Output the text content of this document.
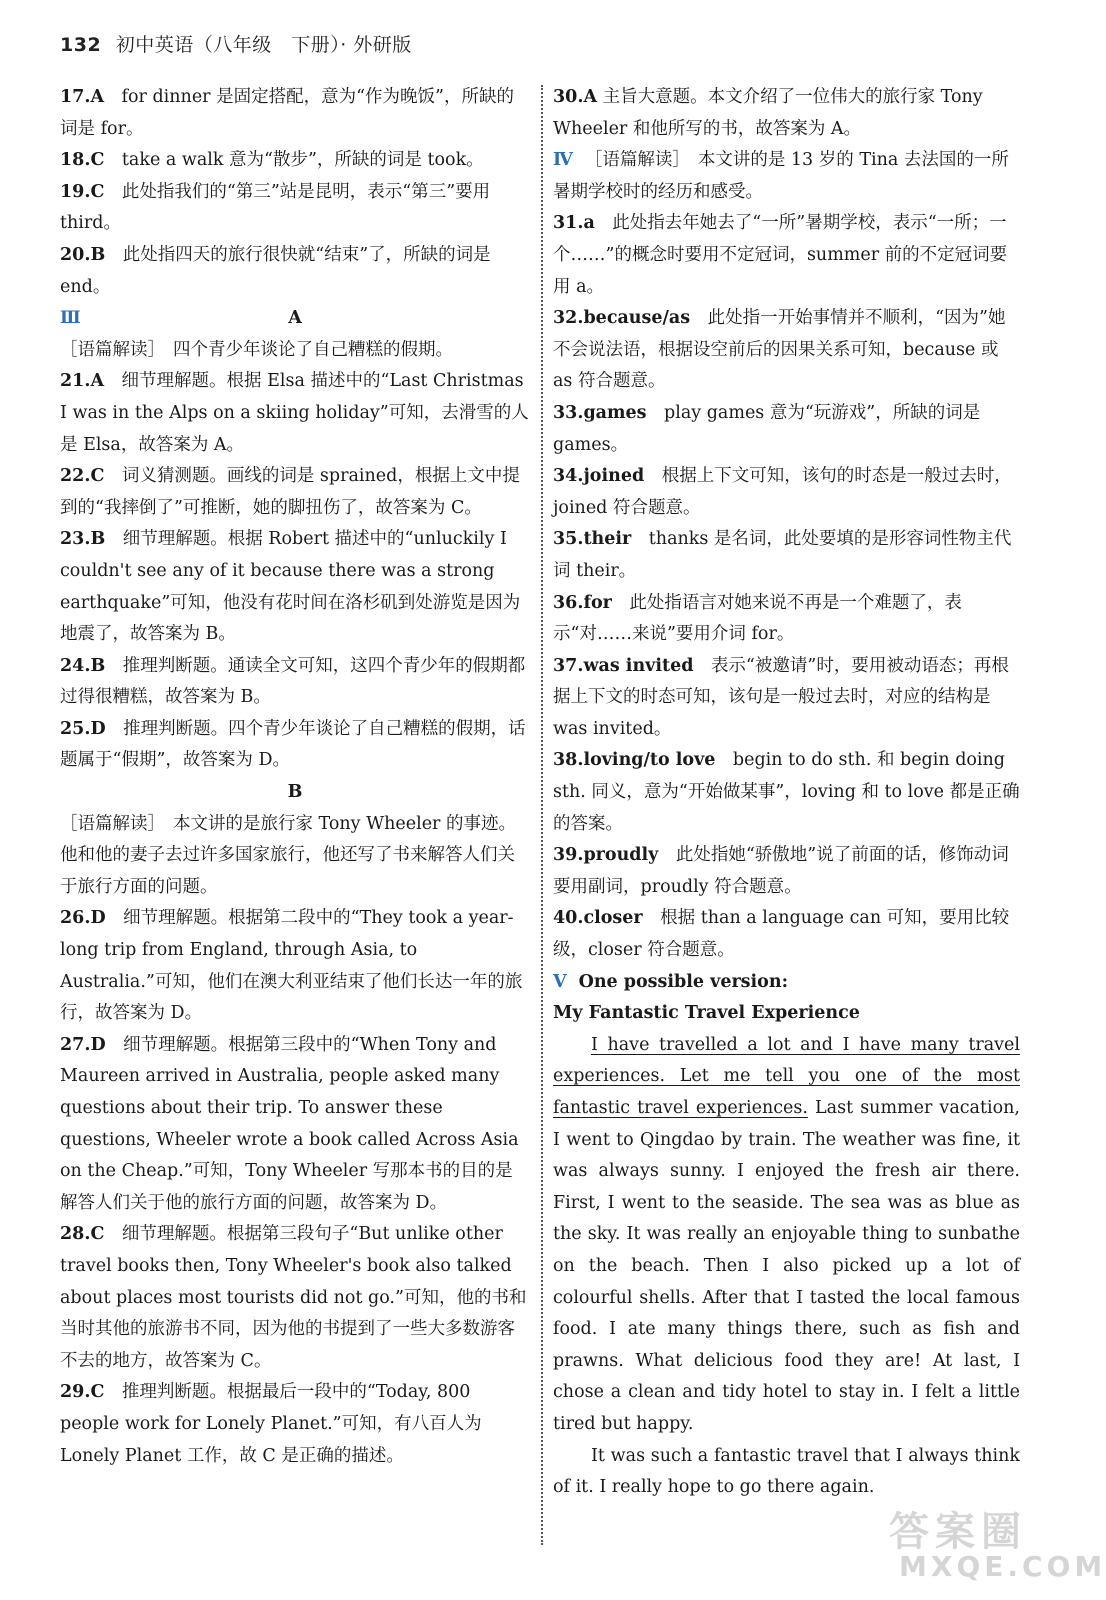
132 初中英语（八年级　下册）· 外研版

17.A　 for dinner 是固定搭配，意为“作为晚饭”，所缺的词是 for。

18.C　 take a walk 意为“散步”，所缺的词是 took。

19.C　 此处指我们的“第三”站是昆明，表示“第三”要用 third。

20.B　 此处指四天的旅行很快就“结束”了，所缺的词是 end。

Ⅲ	A

［语篇解读］ 四个青少年谈论了自己糟糕的假期。

21.A　 细节理解题。根据 Elsa 描述中的“Last Christmas I was in the Alps on a skiing holiday”可知，去滑雪的人是 Elsa，故答案为 A。

22.C　 词义猜测题。画线的词是 sprained，根据上文中提到的“我摔倒了”可推断，她的脚扭伤了，故答案为 C。

23.B　 细节理解题。根据 Robert 描述中的“unluckily I couldn't see any of it because there was a strong earthquake”可知，他没有花时间在洛杉矶到处游览是因为地震了，故答案为 B。

24.B　 推理判断题。通读全文可知，这四个青少年的假期都过得很糟糕，故答案为 B。

25.D　 推理判断题。四个青少年谈论了自己糟糕的假期，话题属于“假期”，故答案为 D。

B

［语篇解读］ 本文讲的是旅行家 Tony Wheeler 的事迹。他和他的妻子去过许多国家旅行，他还写了书来解答人们关于旅行方面的问题。

26.D　 细节理解题。根据第二段中的“They took a year-long trip from England, through Asia, to Australia.”可知，他们在澳大利亚结束了他们长达一年的旅行，故答案为 D。

27.D　 细节理解题。根据第三段中的“When Tony and Maureen arrived in Australia, people asked many questions about their trip. To answer these questions, Wheeler wrote a book called Across Asia on the Cheap.”可知，Tony Wheeler 写那本书的目的是解答人们关于他的旅行方面的问题，故答案为 D。

28.C　 细节理解题。根据第三段句子“But unlike other travel books then, Tony Wheeler's book also talked about places most tourists did not go.”可知，他的书和当时其他的旅游书不同，因为他的书提到了一些大多数游客不去的地方，故答案为 C。

29.C　 推理判断题。根据最后一段中的“Today, 800 people work for Lonely Planet.”可知，有八百人为 Lonely Planet 工作，故 C 是正确的描述。

30.A 主旨大意题。本文介绍了一位伟大的旅行家 Tony Wheeler 和他所写的书，故答案为 A。

Ⅳ ［语篇解读］ 本文讲的是 13 岁的 Tina 去法国的一所暑期学校时的经历和感受。

31.a　 此处指去年她去了“一所”暑期学校，表示“一所；一个……”的概念时要用不定冠词，summer 前的不定冠词要用 a。

32.because/as　 此处指一开始事情并不顺利，“因为”她不会说法语，根据设空前后的因果关系可知，because 或 as 符合题意。

33.games　 play games 意为“玩游戏”，所缺的词是 games。

34.joined　 根据上下文可知，该句的时态是一般过去时，joined 符合题意。

35.their　 thanks 是名词，此处要填的是形容词性物主代词 their。

36.for　 此处指语言对她来说不再是一个难题了，表示“对……来说”要用介词 for。

37.was invited　 表示“被邀请”时，要用被动语态；再根据上下文的时态可知，该句是一般过去时，对应的结构是 was invited。

38.loving/to love　 begin to do sth. 和 begin doing sth. 同义，意为“开始做某事”，loving 和 to love 都是正确的答案。

39.proudly　 此处指她“骄傲地”说了前面的话，修饰动词要用副词，proudly 符合题意。

40.closer　 根据 than a language can 可知，要用比较级，closer 符合题意。

Ⅴ One possible version:

My Fantastic Travel Experience

I have travelled a lot and I have many travel experiences. Let me tell you one of the most fantastic travel experiences. Last summer vacation, I went to Qingdao by train. The weather was fine, it was always sunny. I enjoyed the fresh air there. First, I went to the seaside. The sea was as blue as the sky. It was really an enjoyable thing to sunbathe on the beach. Then I also picked up a lot of colourful shells. After that I tasted the local famous food. I ate many things there, such as fish and prawns. What delicious food they are! At last, I chose a clean and tidy hotel to stay in. I felt a little tired but happy.

It was such a fantastic travel that I always think of it. I really hope to go there again.

答案圈
MXQE.COM
